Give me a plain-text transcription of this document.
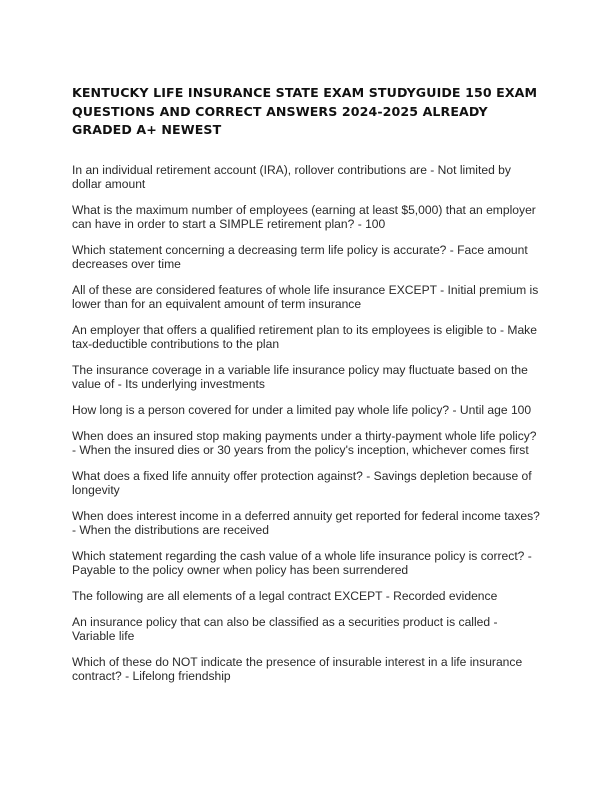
KENTUCKY LIFE INSURANCE STATE EXAM STUDYGUIDE 150 EXAM QUESTIONS AND CORRECT ANSWERS 2024-2025 ALREADY GRADED A+ NEWEST
In an individual retirement account (IRA), rollover contributions are - Not limited by dollar amount
What is the maximum number of employees (earning at least $5,000) that an employer can have in order to start a SIMPLE retirement plan? - 100
Which statement concerning a decreasing term life policy is accurate? - Face amount decreases over time
All of these are considered features of whole life insurance EXCEPT - Initial premium is lower than for an equivalent amount of term insurance
An employer that offers a qualified retirement plan to its employees is eligible to - Make tax-deductible contributions to the plan
The insurance coverage in a variable life insurance policy may fluctuate based on the value of - Its underlying investments
How long is a person covered for under a limited pay whole life policy? - Until age 100
When does an insured stop making payments under a thirty-payment whole life policy? - When the insured dies or 30 years from the policy's inception, whichever comes first
What does a fixed life annuity offer protection against? - Savings depletion because of longevity
When does interest income in a deferred annuity get reported for federal income taxes? - When the distributions are received
Which statement regarding the cash value of a whole life insurance policy is correct? - Payable to the policy owner when policy has been surrendered
The following are all elements of a legal contract EXCEPT - Recorded evidence
An insurance policy that can also be classified as a securities product is called - Variable life
Which of these do NOT indicate the presence of insurable interest in a life insurance contract? - Lifelong friendship
